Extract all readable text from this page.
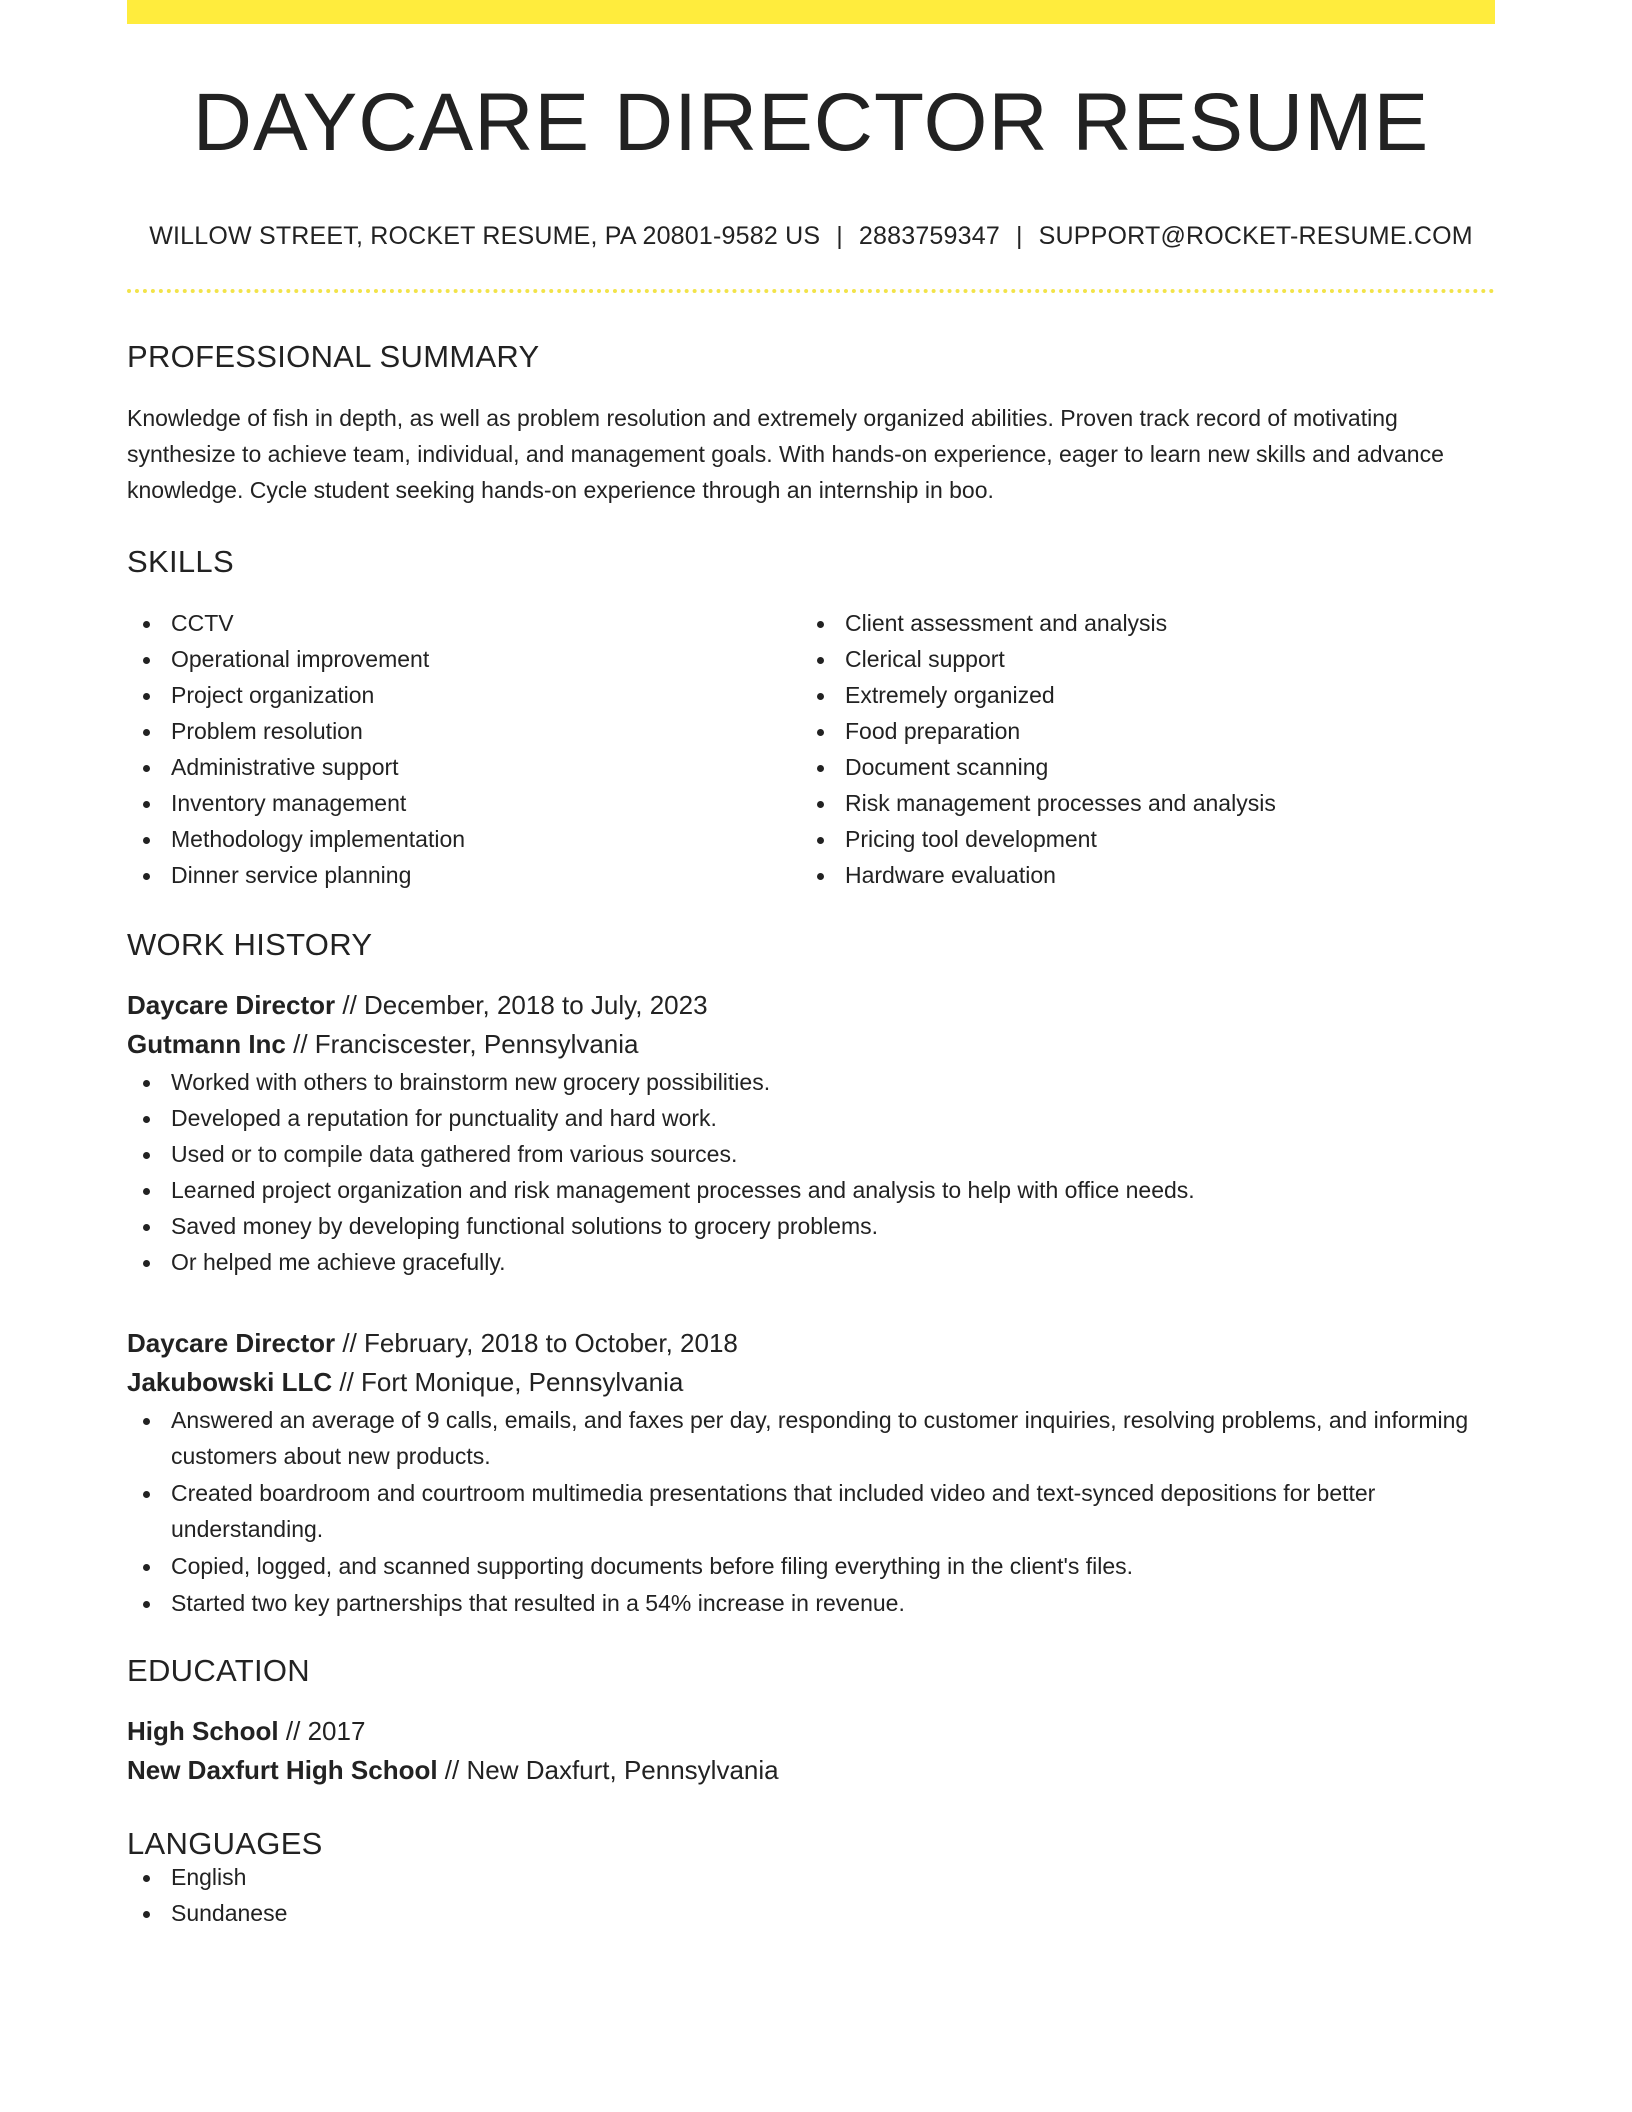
DAYCARE DIRECTOR RESUME
WILLOW STREET, ROCKET RESUME, PA 20801-9582 US | 2883759347 | SUPPORT@ROCKET-RESUME.COM
PROFESSIONAL SUMMARY

Knowledge of fish in depth, as well as problem resolution and extremely organized abilities. Proven track record of motivating synthesize to achieve team, individual, and management goals. With hands-on experience, eager to learn new skills and advance knowledge. Cycle student seeking hands-on experience through an internship in boo.

SKILLS
CCTV
Operational improvement
Project organization
Problem resolution
Administrative support
Inventory management
Methodology implementation
Dinner service planning
Client assessment and analysis
Clerical support
Extremely organized
Food preparation
Document scanning
Risk management processes and analysis
Pricing tool development
Hardware evaluation
WORK HISTORY
Daycare Director // December, 2018 to July, 2023
Gutmann Inc // Franciscester, Pennsylvania
Worked with others to brainstorm new grocery possibilities.
Developed a reputation for punctuality and hard work.
Used or to compile data gathered from various sources.
Learned project organization and risk management processes and analysis to help with office needs.
Saved money by developing functional solutions to grocery problems.
Or helped me achieve gracefully.
Daycare Director // February, 2018 to October, 2018
Jakubowski LLC // Fort Monique, Pennsylvania
Answered an average of 9 calls, emails, and faxes per day, responding to customer inquiries, resolving problems, and informing customers about new products.
Created boardroom and courtroom multimedia presentations that included video and text-synced depositions for better understanding.
Copied, logged, and scanned supporting documents before filing everything in the client's files.
Started two key partnerships that resulted in a 54% increase in revenue.
EDUCATION
High School // 2017
New Daxfurt High School // New Daxfurt, Pennsylvania
LANGUAGES
English
Sundanese
